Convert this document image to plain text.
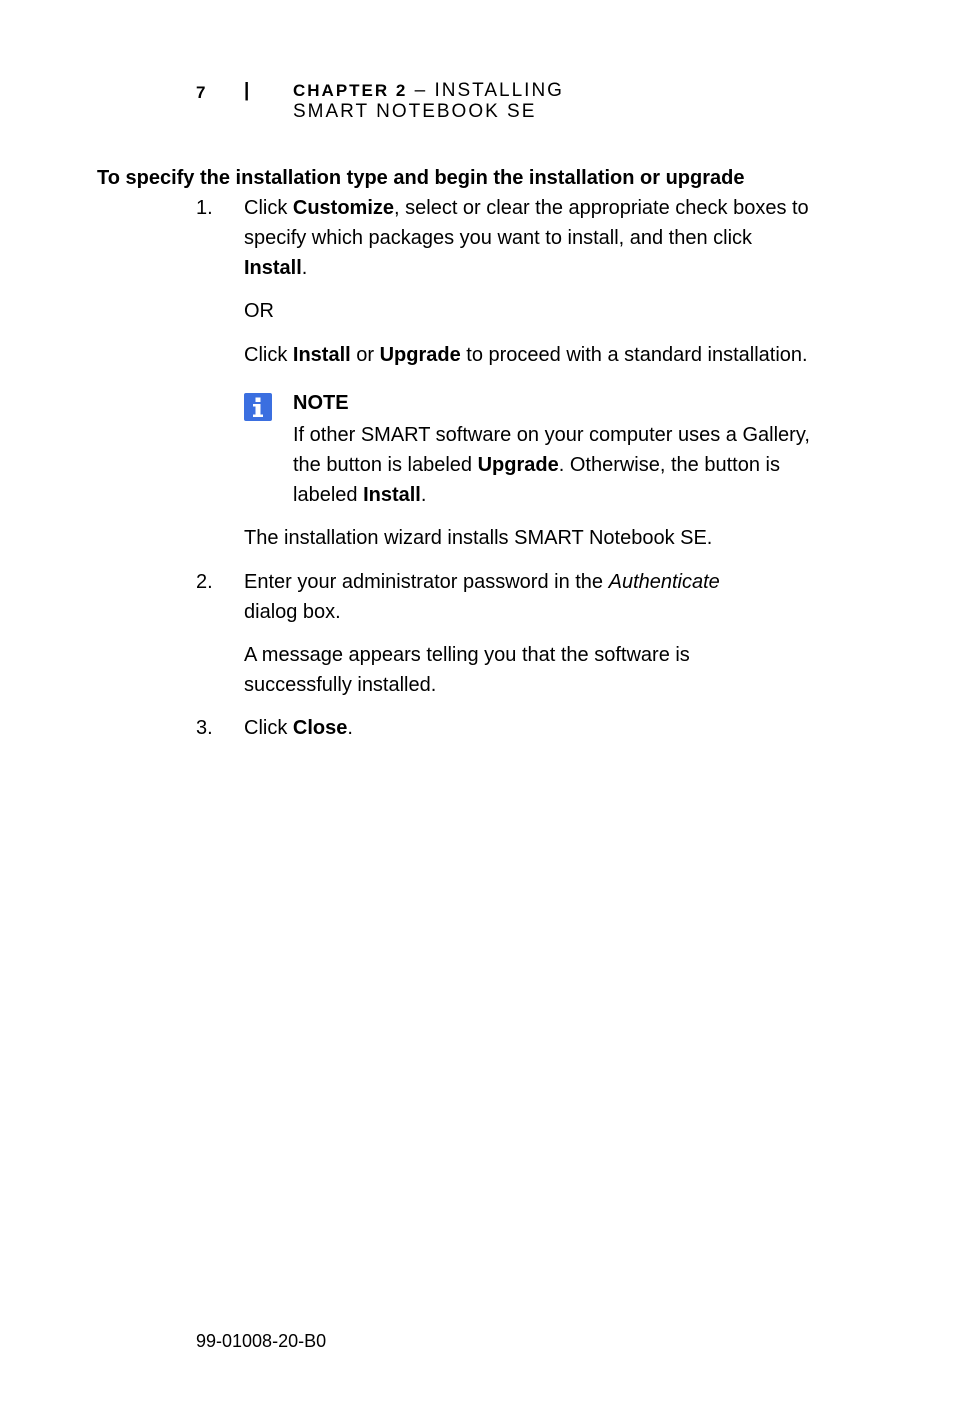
7 | CHAPTER 2 – INSTALLING
SMART NOTEBOOK SE
To specify the installation type and begin the installation or upgrade
1. Click Customize, select or clear the appropriate check boxes to

specify which packages you want to install, and then click

Install.

OR
Click Install or Upgrade to proceed with a standard installation.

NOTE

If other SMART software on your computer uses a Gallery,

the button is labeled Upgrade. Otherwise, the button is

labeled Install.

The installation wizard installs SMART Notebook SE.
2. Enter your administrator password in the Authenticate

dialog box.

A message appears telling you that the software is

successfully installed.

3. Click Close.
99-01008-20-B0
